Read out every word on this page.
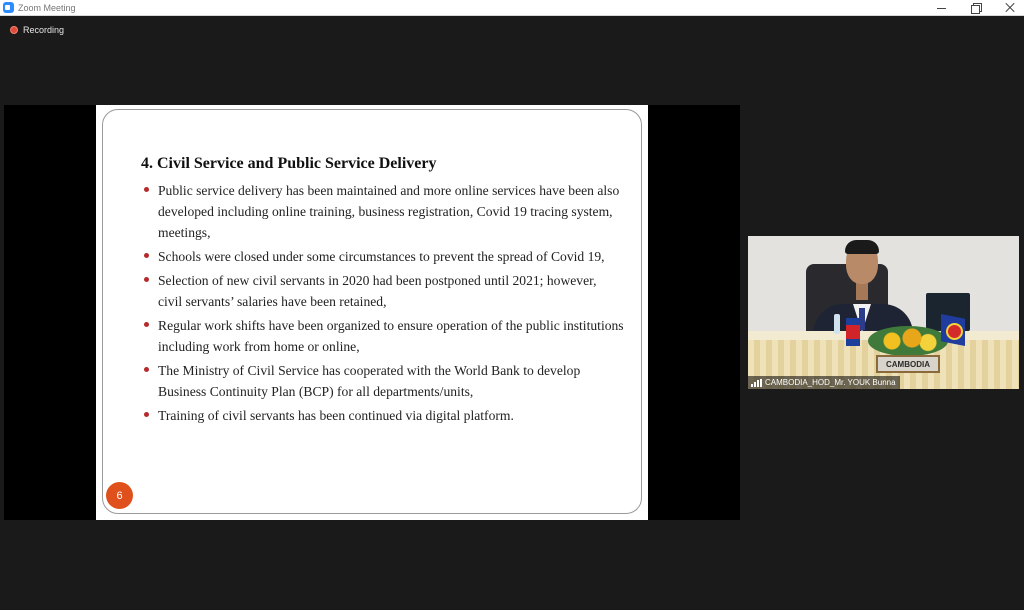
Zoom Meeting
Recording
4. Civil Service and Public Service Delivery
Public service delivery has been maintained and more online services have been also developed including online training, business registration, Covid 19 tracing system, meetings,
Schools were closed under some circumstances to prevent the spread of Covid 19,
Selection of new civil servants in 2020 had been postponed until 2021; however, civil servants’ salaries have been retained,
Regular work shifts have been organized to ensure operation of the public institutions including work from home or online,
The Ministry of Civil Service has cooperated with the World Bank to develop Business Continuity Plan (BCP) for all departments/units,
Training of civil servants has been continued via digital platform.
6
CAMBODIA
CAMBODIA_HOD_Mr. YOUK Bunna
